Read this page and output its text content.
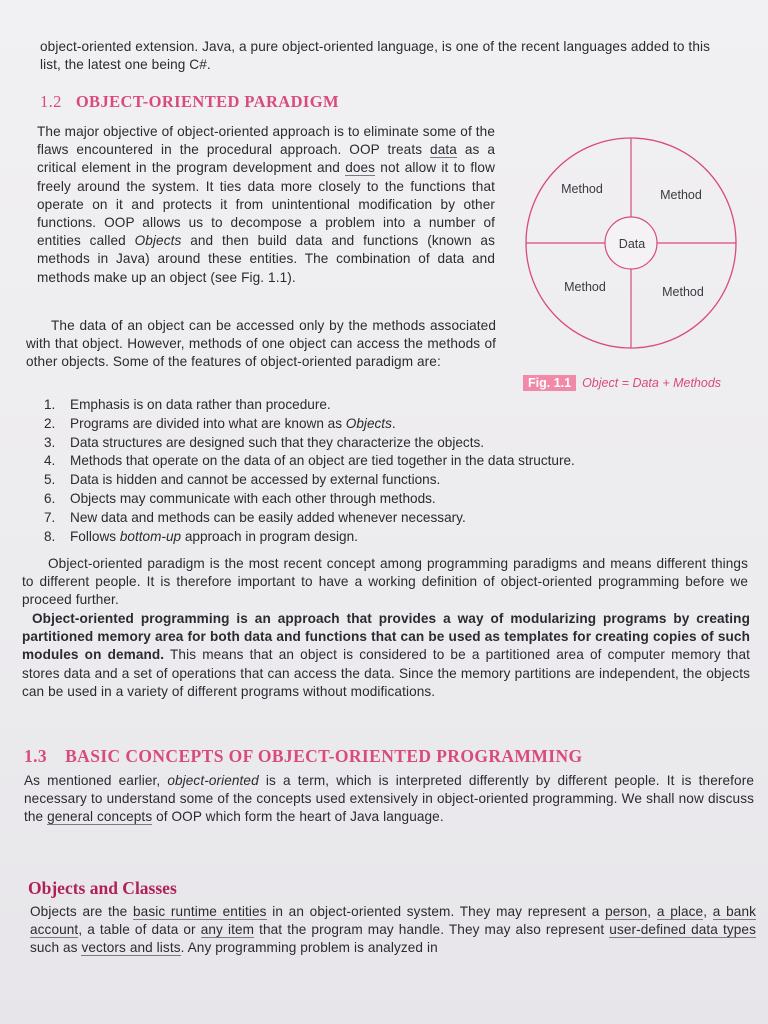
object-oriented extension. Java, a pure object-oriented language, is one of the recent languages added to this list, the latest one being C#.

1.2 OBJECT-ORIENTED PARADIGM

The major objective of object-oriented approach is to eliminate some of the flaws encountered in the procedural approach. OOP treats data as a critical element in the program development and does not allow it to flow freely around the system. It ties data more closely to the functions that operate on it and protects it from unintentional modification by other functions. OOP allows us to decompose a problem into a number of entities called Objects and then build data and functions (known as methods in Java) around these entities. The combination of data and methods make up an object (see Fig. 1.1).

The data of an object can be accessed only by the methods associated with that object. However, methods of one object can access the methods of other objects. Some of the features of object-oriented paradigm are:

Method	Method
Method	Method
Data
Fig. 1.1 Object = Data + Methods
1.	Emphasis is on data rather than procedure.
2.	Programs are divided into what are known as Objects.
3.	Data structures are designed such that they characterize the objects.
4.	Methods that operate on the data of an object are tied together in the data structure.
5.	Data is hidden and cannot be accessed by external functions.
6.	Objects may communicate with each other through methods.
7.	New data and methods can be easily added whenever necessary.
8.	Follows bottom-up approach in program design.

Object-oriented paradigm is the most recent concept among programming paradigms and means different things to different people. It is therefore important to have a working definition of object-oriented programming before we proceed further.

Object-oriented programming is an approach that provides a way of modularizing programs by creating partitioned memory area for both data and functions that can be used as templates for creating copies of such modules on demand. This means that an object is considered to be a partitioned area of computer memory that stores data and a set of operations that can access the data. Since the memory partitions are independent, the objects can be used in a variety of different programs without modifications.

1.3 BASIC CONCEPTS OF OBJECT-ORIENTED PROGRAMMING

As mentioned earlier, object-oriented is a term, which is interpreted differently by different people. It is therefore necessary to understand some of the concepts used extensively in object-oriented programming. We shall now discuss the general concepts of OOP which form the heart of Java language.

Objects and Classes

Objects are the basic runtime entities in an object-oriented system. They may represent a person, a place, a bank account, a table of data or any item that the program may handle. They may also represent user-defined data types such as vectors and lists. Any programming problem is analyzed in
